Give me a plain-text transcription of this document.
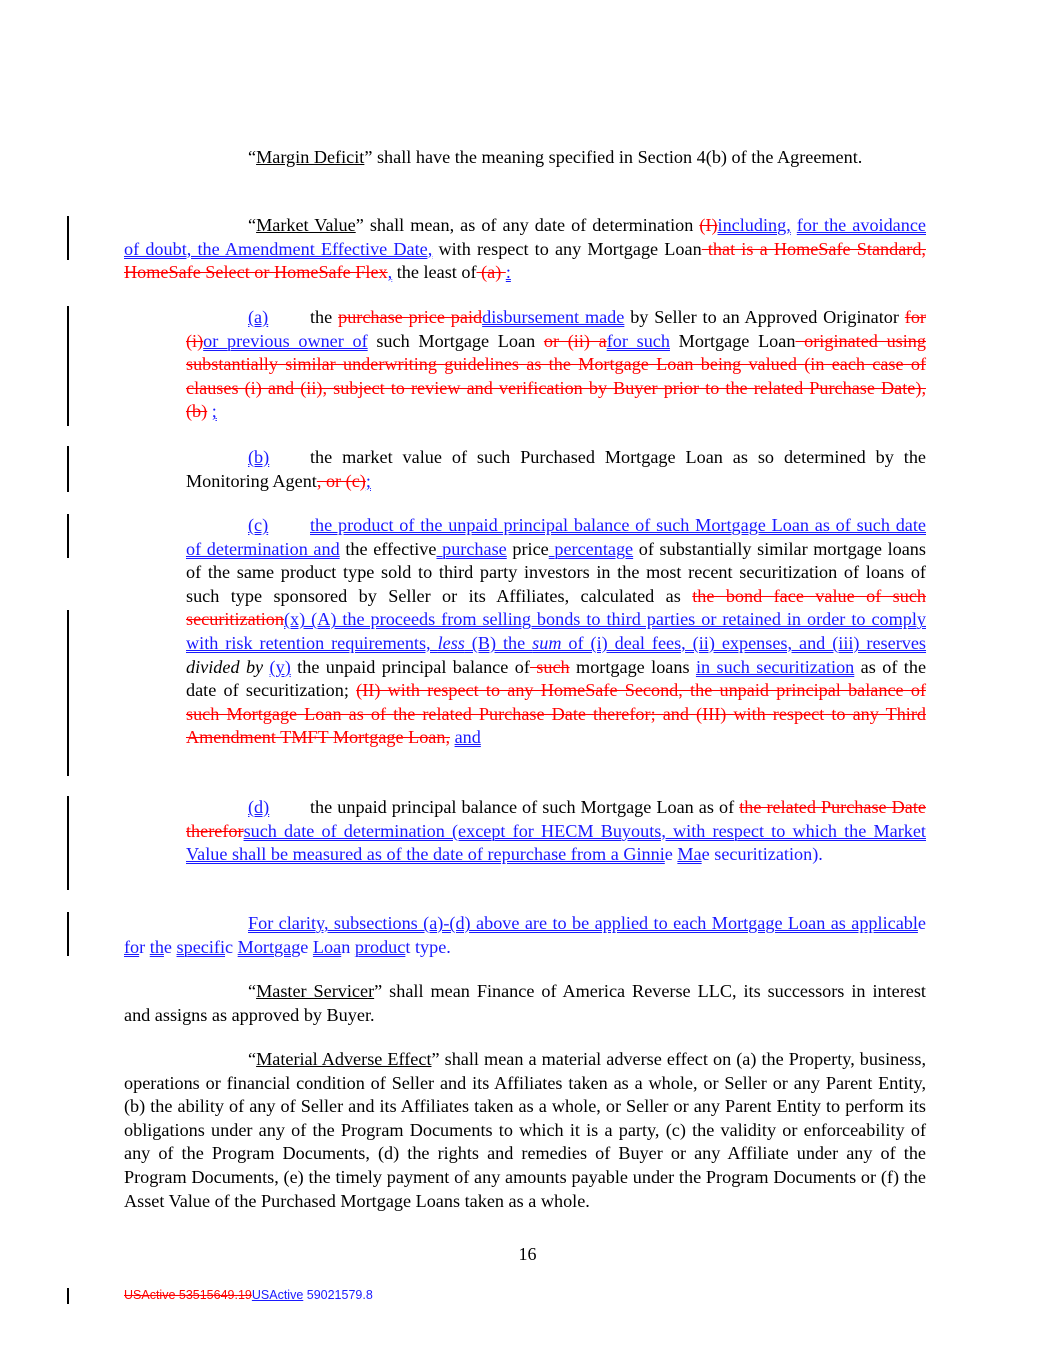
“Margin Deficit” shall have the meaning specified in Section 4(b) of the Agreement.

“Market Value” shall mean, as of any date of determination (I)including, for the avoidance of doubt, the Amendment Effective Date, with respect to any Mortgage Loan that is a HomeSafe Standard, HomeSafe Select or HomeSafe Flex, the least of (a) :

(a) the purchase price paiddisbursement made by Seller to an Approved Originator for (i)or previous owner of such Mortgage Loan or (ii) afor such Mortgage Loan originated using substantially similar underwriting guidelines as the Mortgage Loan being valued (in each case of clauses (i) and (ii), subject to review and verification by Buyer prior to the related Purchase Date), (b) ;

(b) the market value of such Purchased Mortgage Loan as so determined by the Monitoring Agent, or (c);

(c) the product of the unpaid principal balance of such Mortgage Loan as of such date of determination and the effective purchase price percentage of substantially similar mortgage loans of the same product type sold to third party investors in the most recent securitization of loans of such type sponsored by Seller or its Affiliates, calculated as the bond face value of such securitization(x) (A) the proceeds from selling bonds to third parties or retained in order to comply with risk retention requirements, less (B) the sum of (i) deal fees, (ii) expenses, and (iii) reserves divided by (y) the unpaid principal balance of such mortgage loans in such securitization as of the date of securitization; (II) with respect to any HomeSafe Second, the unpaid principal balance of such Mortgage Loan as of the related Purchase Date therefor; and (III) with respect to any Third Amendment TMFT Mortgage Loan, and

(d) the unpaid principal balance of such Mortgage Loan as of the related Purchase Date thereforsuch date of determination (except for HECM Buyouts, with respect to which the Market Value shall be measured as of the date of repurchase from a Ginnie Mae securitization).

For clarity, subsections (a)-(d) above are to be applied to each Mortgage Loan as applicable for the specific Mortgage Loan product type.

“Master Servicer” shall mean Finance of America Reverse LLC, its successors in interest and assigns as approved by Buyer.

“Material Adverse Effect” shall mean a material adverse effect on (a) the Property, business, operations or financial condition of Seller and its Affiliates taken as a whole, or Seller or any Parent Entity, (b) the ability of any of Seller and its Affiliates taken as a whole, or Seller or any Parent Entity to perform its obligations under any of the Program Documents to which it is a party, (c) the validity or enforceability of any of the Program Documents, (d) the rights and remedies of Buyer or any Affiliate under any of the Program Documents, (e) the timely payment of any amounts payable under the Program Documents or (f) the Asset Value of the Purchased Mortgage Loans taken as a whole.

16
USActive 53515649.19USActive 59021579.8
